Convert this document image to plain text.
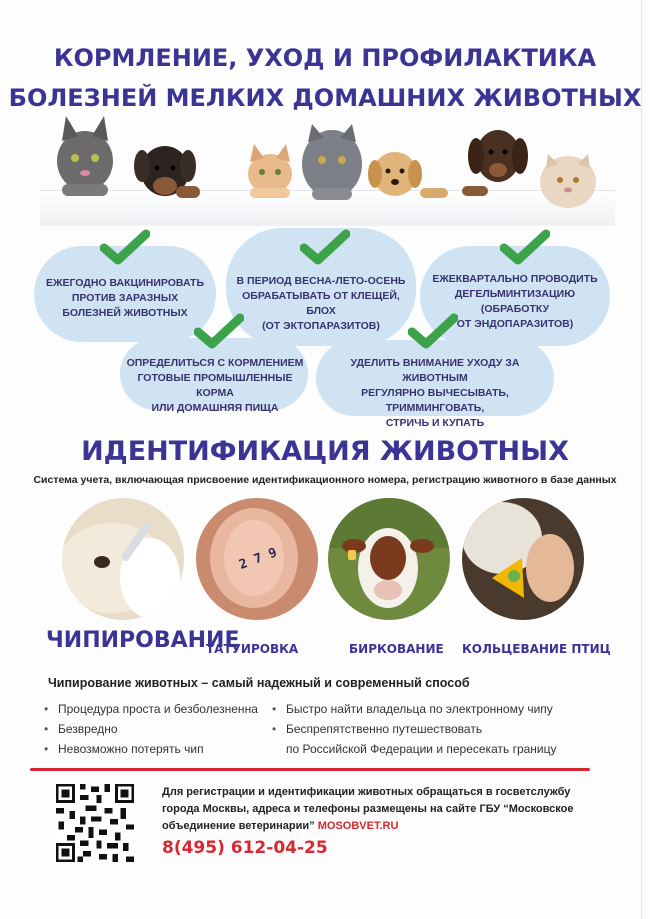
КОРМЛЕНИЕ, УХОД И ПРОФИЛАКТИКА
БОЛЕЗНЕЙ МЕЛКИХ ДОМАШНИХ ЖИВОТНЫХ
ЕЖЕГОДНО ВАКЦИНИРОВАТЬ
ПРОТИВ ЗАРАЗНЫХ
БОЛЕЗНЕЙ ЖИВОТНЫХ
В ПЕРИОД ВЕСНА-ЛЕТО-ОСЕНЬ
ОБРАБАТЫВАТЬ ОТ КЛЕЩЕЙ, БЛОХ
(ОТ ЭКТОПАРАЗИТОВ)
ЕЖЕКВАРТАЛЬНО ПРОВОДИТЬ
ДЕГЕЛЬМИНТИЗАЦИЮ
(ОБРАБОТКУ
ОТ ЭНДОПАРАЗИТОВ)
ОПРЕДЕЛИТЬСЯ С КОРМЛЕНИЕМ
ГОТОВЫЕ ПРОМЫШЛЕННЫЕ КОРМА
ИЛИ ДОМАШНЯЯ ПИЩА
УДЕЛИТЬ ВНИМАНИЕ УХОДУ ЗА ЖИВОТНЫМ
РЕГУЛЯРНО ВЫЧЕСЫВАТЬ, ТРИММИНГОВАТЬ,
СТРИЧЬ И КУПАТЬ
ИДЕНТИФИКАЦИЯ ЖИВОТНЫХ
Система учета, включающая присвоение идентификационного номера, регистрацию животного в базе данных
2 7 9
ЧИПИРОВАНИЕ
ТАТУИРОВКА	БИРКОВАНИЕ КОЛЬЦЕВАНИЕ ПТИЦ
Чипирование животных – самый надежный и современный способ
• Процедура проста и безболезненна
• Безвредно
• Невозможно потерять чип
• Быстро найти владельца по электронному чипу
• Беспрепятственно путешествовать
по Российской Федерации и пересекать границу
Для регистрации и идентификации животных обращаться в госветслужбу
города Москвы, адреса и телефоны размещены на сайте ГБУ “Московское
объединение ветеринарии” MOSOBVET.RU
8(495) 612-04-25
